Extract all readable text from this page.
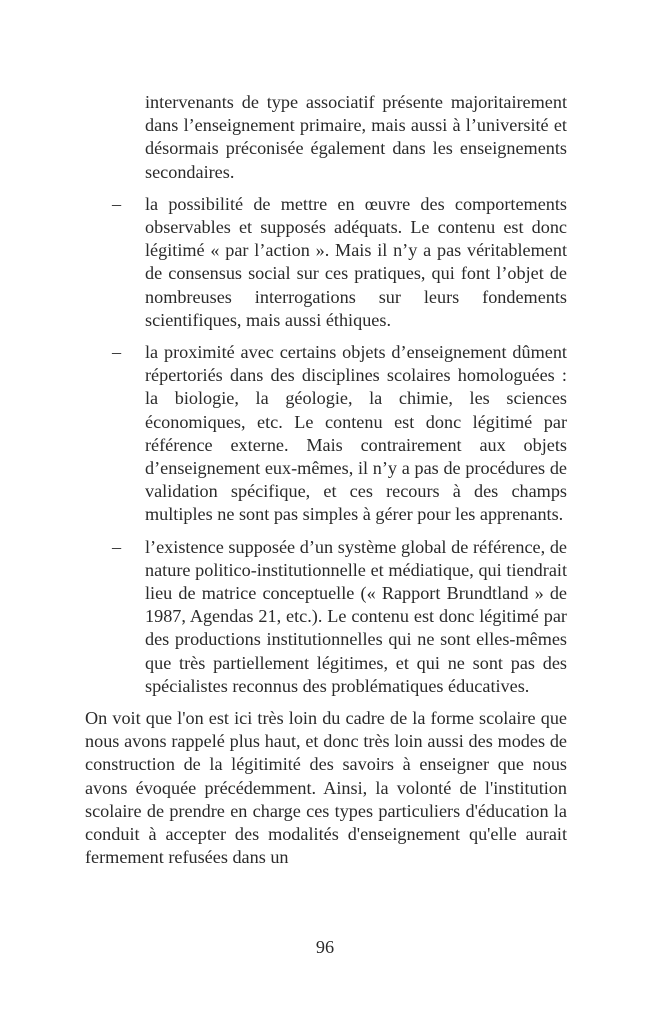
intervenants de type associatif présente majoritairement dans l’enseignement primaire, mais aussi à l’université et désormais préconisée également dans les enseignements secondaires.

– la possibilité de mettre en œuvre des comportements observables et supposés adéquats. Le contenu est donc légitimé « par l’action ». Mais il n’y a pas véritablement de consensus social sur ces pratiques, qui font l’objet de nombreuses interrogations sur leurs fondements scientifiques, mais aussi éthiques.
– la proximité avec certains objets d’enseignement dûment répertoriés dans des disciplines scolaires homologuées : la biologie, la géologie, la chimie, les sciences économiques, etc. Le contenu est donc légitimé par référence externe. Mais contrairement aux objets d’enseignement eux-mêmes, il n’y a pas de procédures de validation spécifique, et ces recours à des champs multiples ne sont pas simples à gérer pour les apprenants.
– l’existence supposée d’un système global de référence, de nature politico-institutionnelle et médiatique, qui tiendrait lieu de matrice conceptuelle (« Rapport Brundtland » de 1987, Agendas 21, etc.). Le contenu est donc légitimé par des productions institutionnelles qui ne sont elles-mêmes que très partiellement légitimes, et qui ne sont pas des spécialistes reconnus des problématiques éducatives.

On voit que l'on est ici très loin du cadre de la forme scolaire que nous avons rappelé plus haut, et donc très loin aussi des modes de construction de la légitimité des savoirs à enseigner que nous avons évoquée précédemment. Ainsi, la volonté de l'institution scolaire de prendre en charge ces types particuliers d'éducation la conduit à accepter des modalités d'enseignement qu'elle aurait fermement refusées dans un

96
